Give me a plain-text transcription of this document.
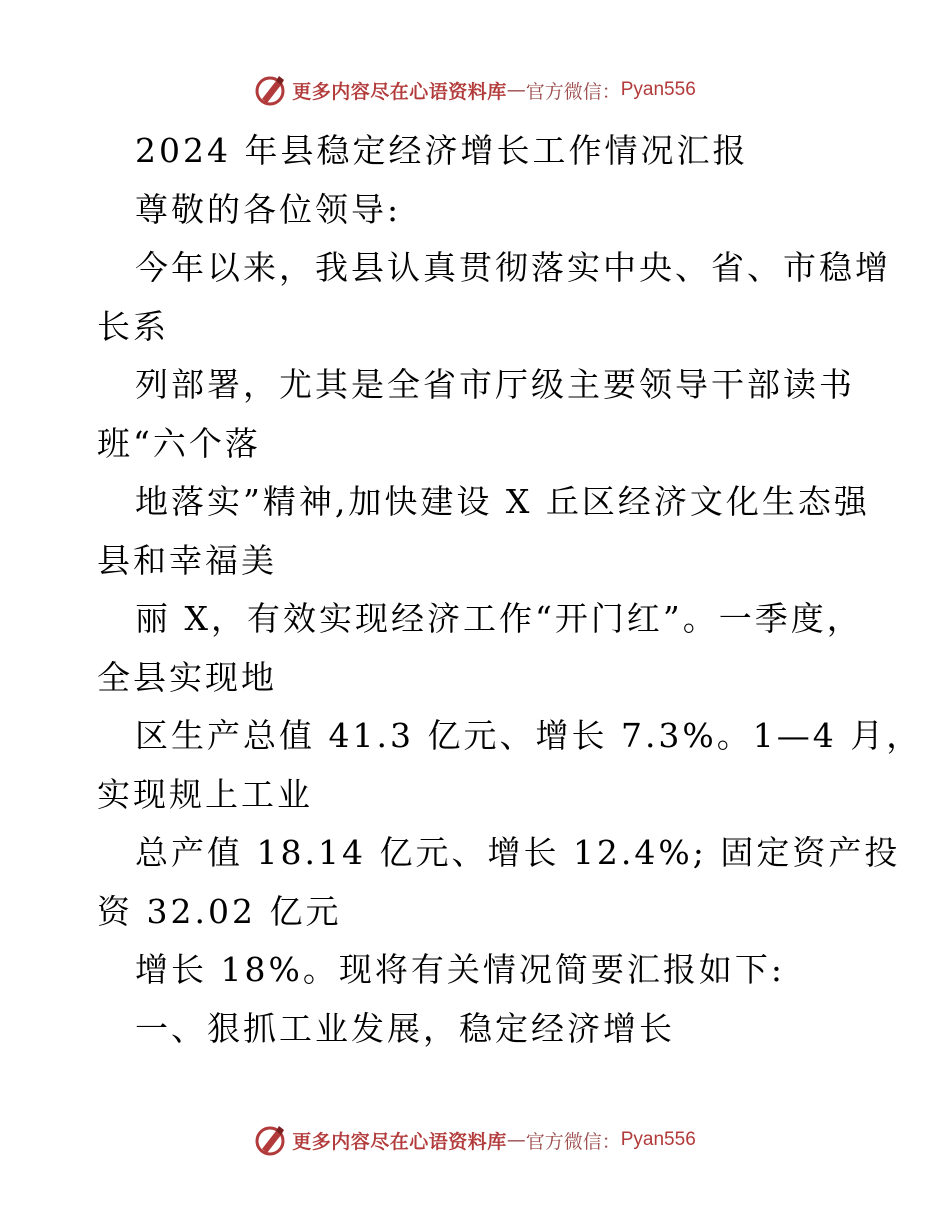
更多内容尽在心语资料库 — 官方微信： Pyan556
2024 年县稳定经济增长工作情况汇报
尊敬的各位领导:
今年以来，我县认真贯彻落实中央、省、市稳增
长系
列部署，尤其是全省市厅级主要领导干部读书
班“六个落
地落实”精神,加快建设 X 丘区经济文化生态强
县和幸福美
丽 X，有效实现经济工作“开门红”。一季度，
全县实现地
区生产总值 41.3 亿元、增长 7.3%。1—4 月，
实现规上工业
总产值 18.14 亿元、增长 12.4%; 固定资产投
资 32.02 亿元
增长 18%。现将有关情况简要汇报如下:
一、狠抓工业发展，稳定经济增长
更多内容尽在心语资料库 — 官方微信： Pyan556
